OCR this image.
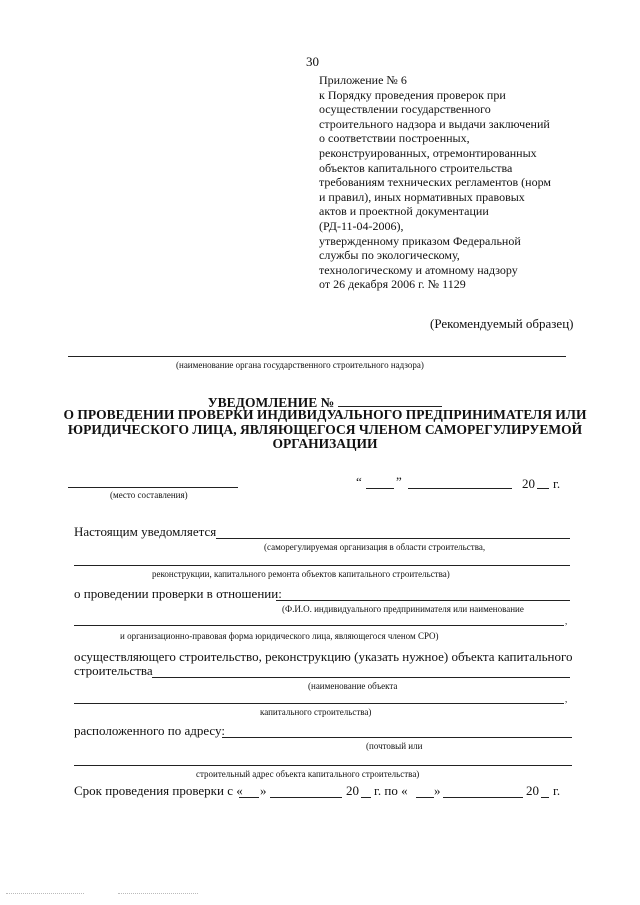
30
Приложение № 6
к Порядку проведения проверок при
осуществлении государственного
строительного надзора и выдачи заключений
о соответствии построенных,
реконструированных, отремонтированных
объектов капитального строительства
требованиям технических регламентов (норм
и правил), иных нормативных правовых
актов и проектной документации
(РД-11-04-2006),
утвержденному приказом Федеральной
службы по экологическому,
технологическому и атомному надзору
от 26 декабря 2006 г. № 1129
(Рекомендуемый образец)
(наименование органа государственного строительного надзора)
УВЕДОМЛЕНИЕ №
О ПРОВЕДЕНИИ ПРОВЕРКИ ИНДИВИДУАЛЬНОГО ПРЕДПРИНИМАТЕЛЯ ИЛИ
ЮРИДИЧЕСКОГО ЛИЦА, ЯВЛЯЮЩЕГОСЯ ЧЛЕНОМ САМОРЕГУЛИРУЕМОЙ
ОРГАНИЗАЦИИ
(место составления)
“	”	20 г.
Настоящим уведомляется
(саморегулируемая организация в области строительства,
реконструкции, капитального ремонта объектов капитального строительства)
о проведении проверки в отношении:
(Ф.И.О. индивидуального предпринимателя или наименование
,
и организационно-правовая форма юридического лица, являющегося членом СРО)
осуществляющего строительство, реконструкцию (указать нужное) объекта капитального
строительства
(наименование объекта
,
капитального строительства)
расположенного по адресу:
(почтовый или
строительный адрес объекта капитального строительства)
Срок проведения проверки с « »	20 г. по « »	20 г.
